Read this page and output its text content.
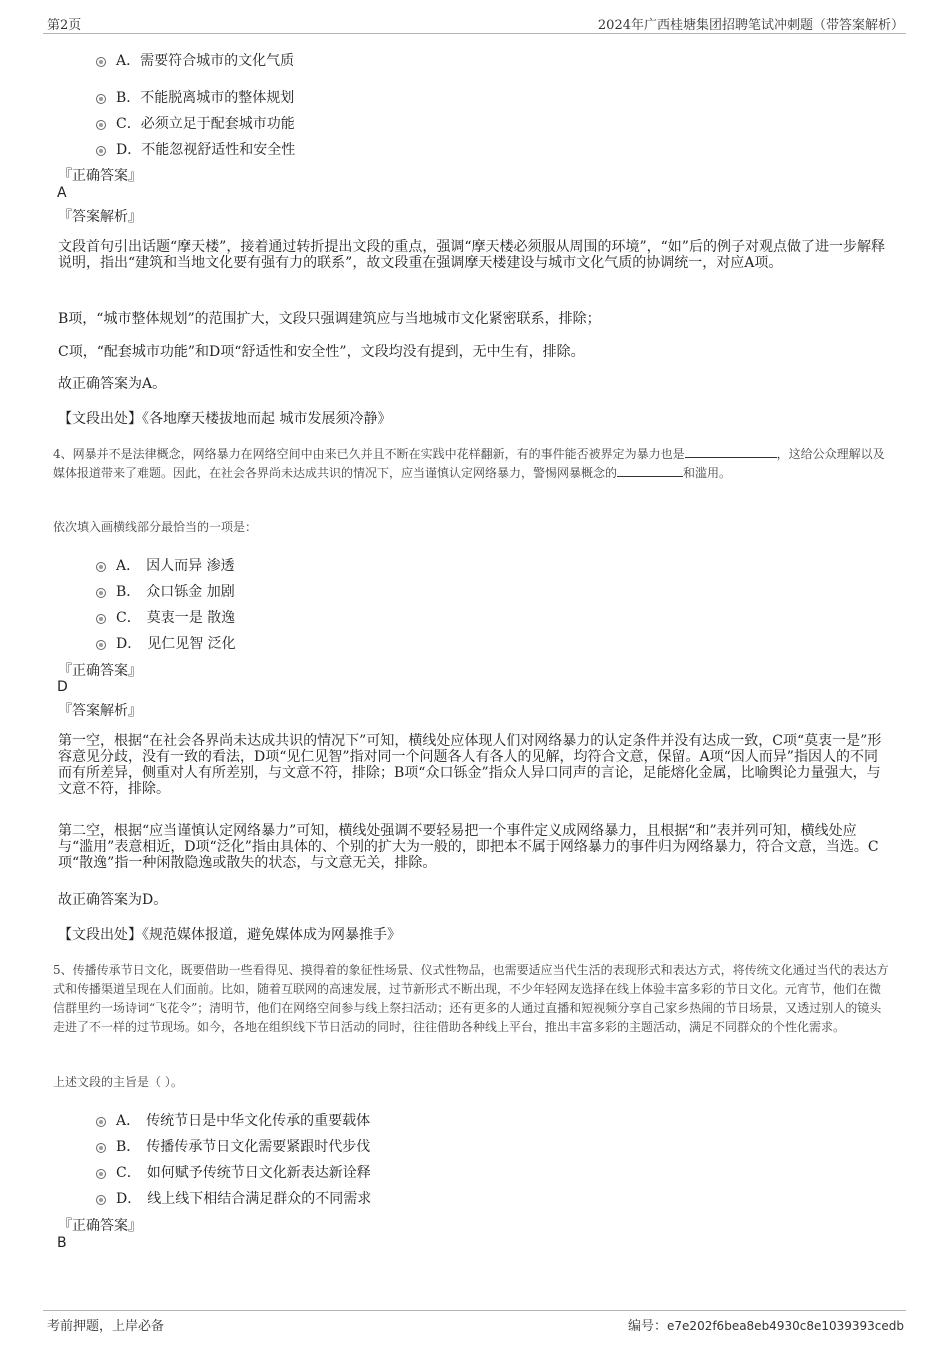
第2页	2024年广西桂塘集团招聘笔试冲刺题（带答案解析）
A．需要符合城市的文化气质
B．不能脱离城市的整体规划
C．必须立足于配套城市功能
D．不能忽视舒适性和安全性
『正确答案』
A
『答案解析』
文段首句引出话题“摩天楼”，接着通过转折提出文段的重点，强调“摩天楼必须服从周围的环境”，“如”后的例子对观点做了进一步解释说明，指出“建筑和当地文化要有强有力的联系”，故文段重在强调摩天楼建设与城市文化气质的协调统一，对应A项。
B项，“城市整体规划”的范围扩大，文段只强调建筑应与当地城市文化紧密联系，排除；
C项，“配套城市功能”和D项“舒适性和安全性”，文段均没有提到，无中生有，排除。
故正确答案为A。
【文段出处】《各地摩天楼拔地而起 城市发展须冷静》
4、网暴并不是法律概念，网络暴力在网络空间中由来已久并且不断在实践中花样翻新，有的事件能否被界定为暴力也是	，这给公众理解以及媒体报道带来了难题。因此，在社会各界尚未达成共识的情况下，应当谨慎认定网络暴力，警惕网暴概念的	和滥用。
依次填入画横线部分最恰当的一项是：
A． 因人而异 渗透
B． 众口铄金 加剧
C． 莫衷一是 散逸
D． 见仁见智 泛化
『正确答案』
D
『答案解析』
第一空，根据“在社会各界尚未达成共识的情况下”可知，横线处应体现人们对网络暴力的认定条件并没有达成一致，C项“莫衷一是”形容意见分歧，没有一致的看法，D项“见仁见智”指对同一个问题各人有各人的见解，均符合文意，保留。A项“因人而异”指因人的不同而有所差异，侧重对人有所差别，与文意不符，排除；B项“众口铄金”指众人异口同声的言论，足能熔化金属，比喻舆论力量强大，与文意不符，排除。
第二空，根据“应当谨慎认定网络暴力”可知，横线处强调不要轻易把一个事件定义成网络暴力，且根据“和”表并列可知，横线处应与“滥用”表意相近，D项“泛化”指由具体的、个别的扩大为一般的，即把本不属于网络暴力的事件归为网络暴力，符合文意，当选。C项“散逸”指一种闲散隐逸或散失的状态，与文意无关，排除。
故正确答案为D。
【文段出处】《规范媒体报道，避免媒体成为网暴推手》
5、传播传承节日文化，既要借助一些看得见、摸得着的象征性场景、仪式性物品，也需要适应当代生活的表现形式和表达方式，将传统文化通过当代的表达方式和传播渠道呈现在人们面前。比如，随着互联网的高速发展，过节新形式不断出现，不少年轻网友选择在线上体验丰富多彩的节日文化。元宵节，他们在微信群里约一场诗词“飞花令”；清明节，他们在网络空间参与线上祭扫活动；还有更多的人通过直播和短视频分享自己家乡热闹的节日场景，又透过别人的镜头走进了不一样的过节现场。如今，各地在组织线下节日活动的同时，往往借助各种线上平台，推出丰富多彩的主题活动，满足不同群众的个性化需求。
上述文段的主旨是（ ）。
A． 传统节日是中华文化传承的重要载体
B． 传播传承节日文化需要紧跟时代步伐
C． 如何赋予传统节日文化新表达新诠释
D． 线上线下相结合满足群众的不同需求
『正确答案』
B
考前押题，上岸必备	编号：e7e202f6bea8eb4930c8e1039393cedb
